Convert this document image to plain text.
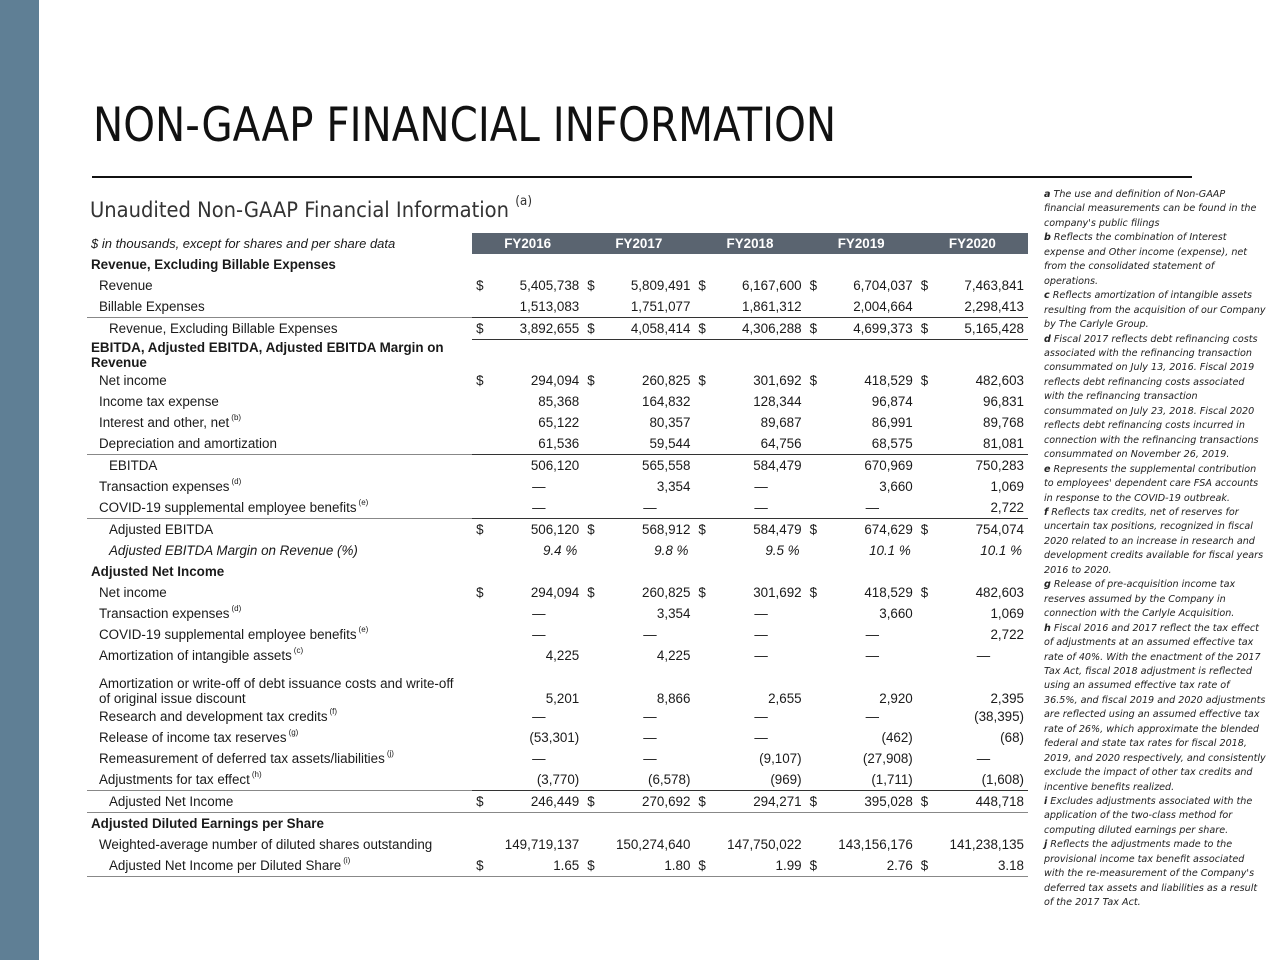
NON-GAAP FINANCIAL INFORMATION
Unaudited Non-GAAP Financial Information $^{(a)}$
$ in thousands, except for shares and per share data	FY2016		FY2017		FY2018		FY2019		FY2020	
Revenue, Excluding Billable Expenses										
Revenue	$	5,405,738	$	5,809,491	$	6,167,600	$	6,704,037	$	7,463,841
Billable Expenses		1,513,083		1,751,077		1,861,312		2,004,664		2,298,413
Revenue, Excluding Billable Expenses	$	3,892,655	$	4,058,414	$	4,306,288	$	4,699,373	$	5,165,428
EBITDA, Adjusted EBITDA, Adjusted EBITDA Margin on Revenue										
Net income	$	294,094	$	260,825	$	301,692	$	418,529	$	482,603
Income tax expense		85,368		164,832		128,344		96,874		96,831
Interest and other, net $^{(b)}$		65,122		80,357		89,687		86,991		89,768
Depreciation and amortization		61,536		59,544		64,756		68,575		81,081
EBITDA		506,120		565,558		584,479		670,969		750,283
Transaction expenses $^{(d)}$		—		3,354		—		3,660		1,069
COVID-19 supplemental employee benefits $^{(e)}$		—		—		—		—		2,722
Adjusted EBITDA	$	506,120	$	568,912	$	584,479	$	674,629	$	754,074
Adjusted EBITDA Margin on Revenue (%)		9.4 %		9.8 %		9.5 %		10.1 %		10.1 %
Adjusted Net Income										
Net income	$	294,094	$	260,825	$	301,692	$	418,529	$	482,603
Transaction expenses $^{(d)}$		—		3,354		—		3,660		1,069
COVID-19 supplemental employee benefits $^{(e)}$		—		—		—		—		2,722
Amortization of intangible assets $^{(c)}$		4,225		4,225		—		—		—
Amortization or write-off of debt issuance costs and write-off
of original issue discount		5,201		8,866		2,655		2,920		2,395
Research and development tax credits $^{(f)}$		—		—		—		—		(38,395)
Release of income tax reserves $^{(g)}$		(53,301)		—		—		(462)		(68)
Remeasurement of deferred tax assets/liabilities $^{(j)}$		—		—		(9,107)		(27,908)		—
Adjustments for tax effect $^{(h)}$		(3,770)		(6,578)		(969)		(1,711)		(1,608)
Adjusted Net Income	$	246,449	$	270,692	$	294,271	$	395,028	$	448,718
Adjusted Diluted Earnings per Share										
Weighted-average number of diluted shares outstanding		149,719,137		150,274,640		147,750,022		143,156,176		141,238,135
Adjusted Net Income per Diluted Share $^{(i)}$	$	1.65	$	1.80	$	1.99	$	2.76	$	3.18

a The use and definition of Non-GAAP financial measurements can be found in the company's public filings

b Reflects the combination of Interest expense and Other income (expense), net from the consolidated statement of operations.

c Reflects amortization of intangible assets resulting from the acquisition of our Company by The Carlyle Group.

d Fiscal 2017 reflects debt refinancing costs associated with the refinancing transaction consummated on July 13, 2016. Fiscal 2019 reflects debt refinancing costs associated with the refinancing transaction consummated on July 23, 2018. Fiscal 2020 reflects debt refinancing costs incurred in connection with the refinancing transactions consummated on November 26, 2019.

e Represents the supplemental contribution to employees' dependent care FSA accounts in response to the COVID-19 outbreak.

f Reflects tax credits, net of reserves for uncertain tax positions, recognized in fiscal 2020 related to an increase in research and development credits available for fiscal years 2016 to 2020.

g Release of pre-acquisition income tax reserves assumed by the Company in connection with the Carlyle Acquisition.

h Fiscal 2016 and 2017 reflect the tax effect of adjustments at an assumed effective tax rate of 40%. With the enactment of the 2017 Tax Act, fiscal 2018 adjustment is reflected using an assumed effective tax rate of 36.5%, and fiscal 2019 and 2020 adjustments are reflected using an assumed effective tax rate of 26%, which approximate the blended federal and state tax rates for fiscal 2018, 2019, and 2020 respectively, and consistently exclude the impact of other tax credits and incentive benefits realized.

i Excludes adjustments associated with the application of the two-class method for computing diluted earnings per share.

j Reflects the adjustments made to the provisional income tax benefit associated with the re-measurement of the Company's deferred tax assets and liabilities as a result of the 2017 Tax Act.
